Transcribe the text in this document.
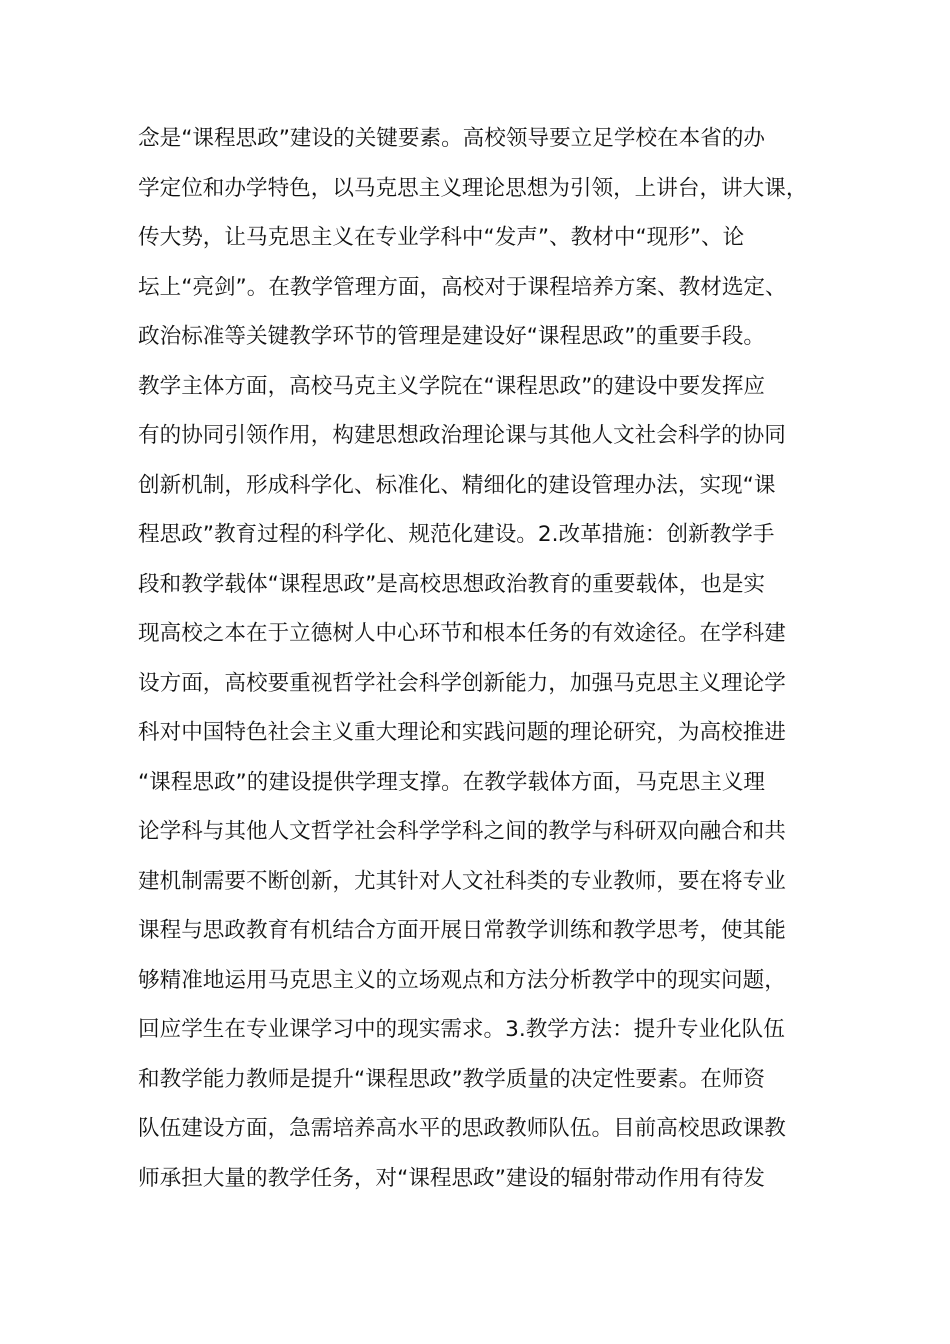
念是“课程思政”建设的关键要素。高校领导要立足学校在本省的办
学定位和办学特色，以马克思主义理论思想为引领，上讲台，讲大课，
传大势，让马克思主义在专业学科中“发声”、教材中“现形”、论
坛上“亮剑”。在教学管理方面，高校对于课程培养方案、教材选定、
政治标准等关键教学环节的管理是建设好“课程思政”的重要手段。
教学主体方面，高校马克主义学院在“课程思政”的建设中要发挥应
有的协同引领作用，构建思想政治理论课与其他人文社会科学的协同
创新机制，形成科学化、标准化、精细化的建设管理办法，实现“课
程思政”教育过程的科学化、规范化建设。2.改革措施：创新教学手
段和教学载体“课程思政”是高校思想政治教育的重要载体，也是实
现高校之本在于立德树人中心环节和根本任务的有效途径。在学科建
设方面，高校要重视哲学社会科学创新能力，加强马克思主义理论学
科对中国特色社会主义重大理论和实践问题的理论研究，为高校推进
“课程思政”的建设提供学理支撑。在教学载体方面，马克思主义理
论学科与其他人文哲学社会科学学科之间的教学与科研双向融合和共
建机制需要不断创新，尤其针对人文社科类的专业教师，要在将专业
课程与思政教育有机结合方面开展日常教学训练和教学思考，使其能
够精准地运用马克思主义的立场观点和方法分析教学中的现实问题，
回应学生在专业课学习中的现实需求。3.教学方法：提升专业化队伍
和教学能力教师是提升“课程思政”教学质量的决定性要素。在师资
队伍建设方面，急需培养高水平的思政教师队伍。目前高校思政课教
师承担大量的教学任务，对“课程思政”建设的辐射带动作用有待发
